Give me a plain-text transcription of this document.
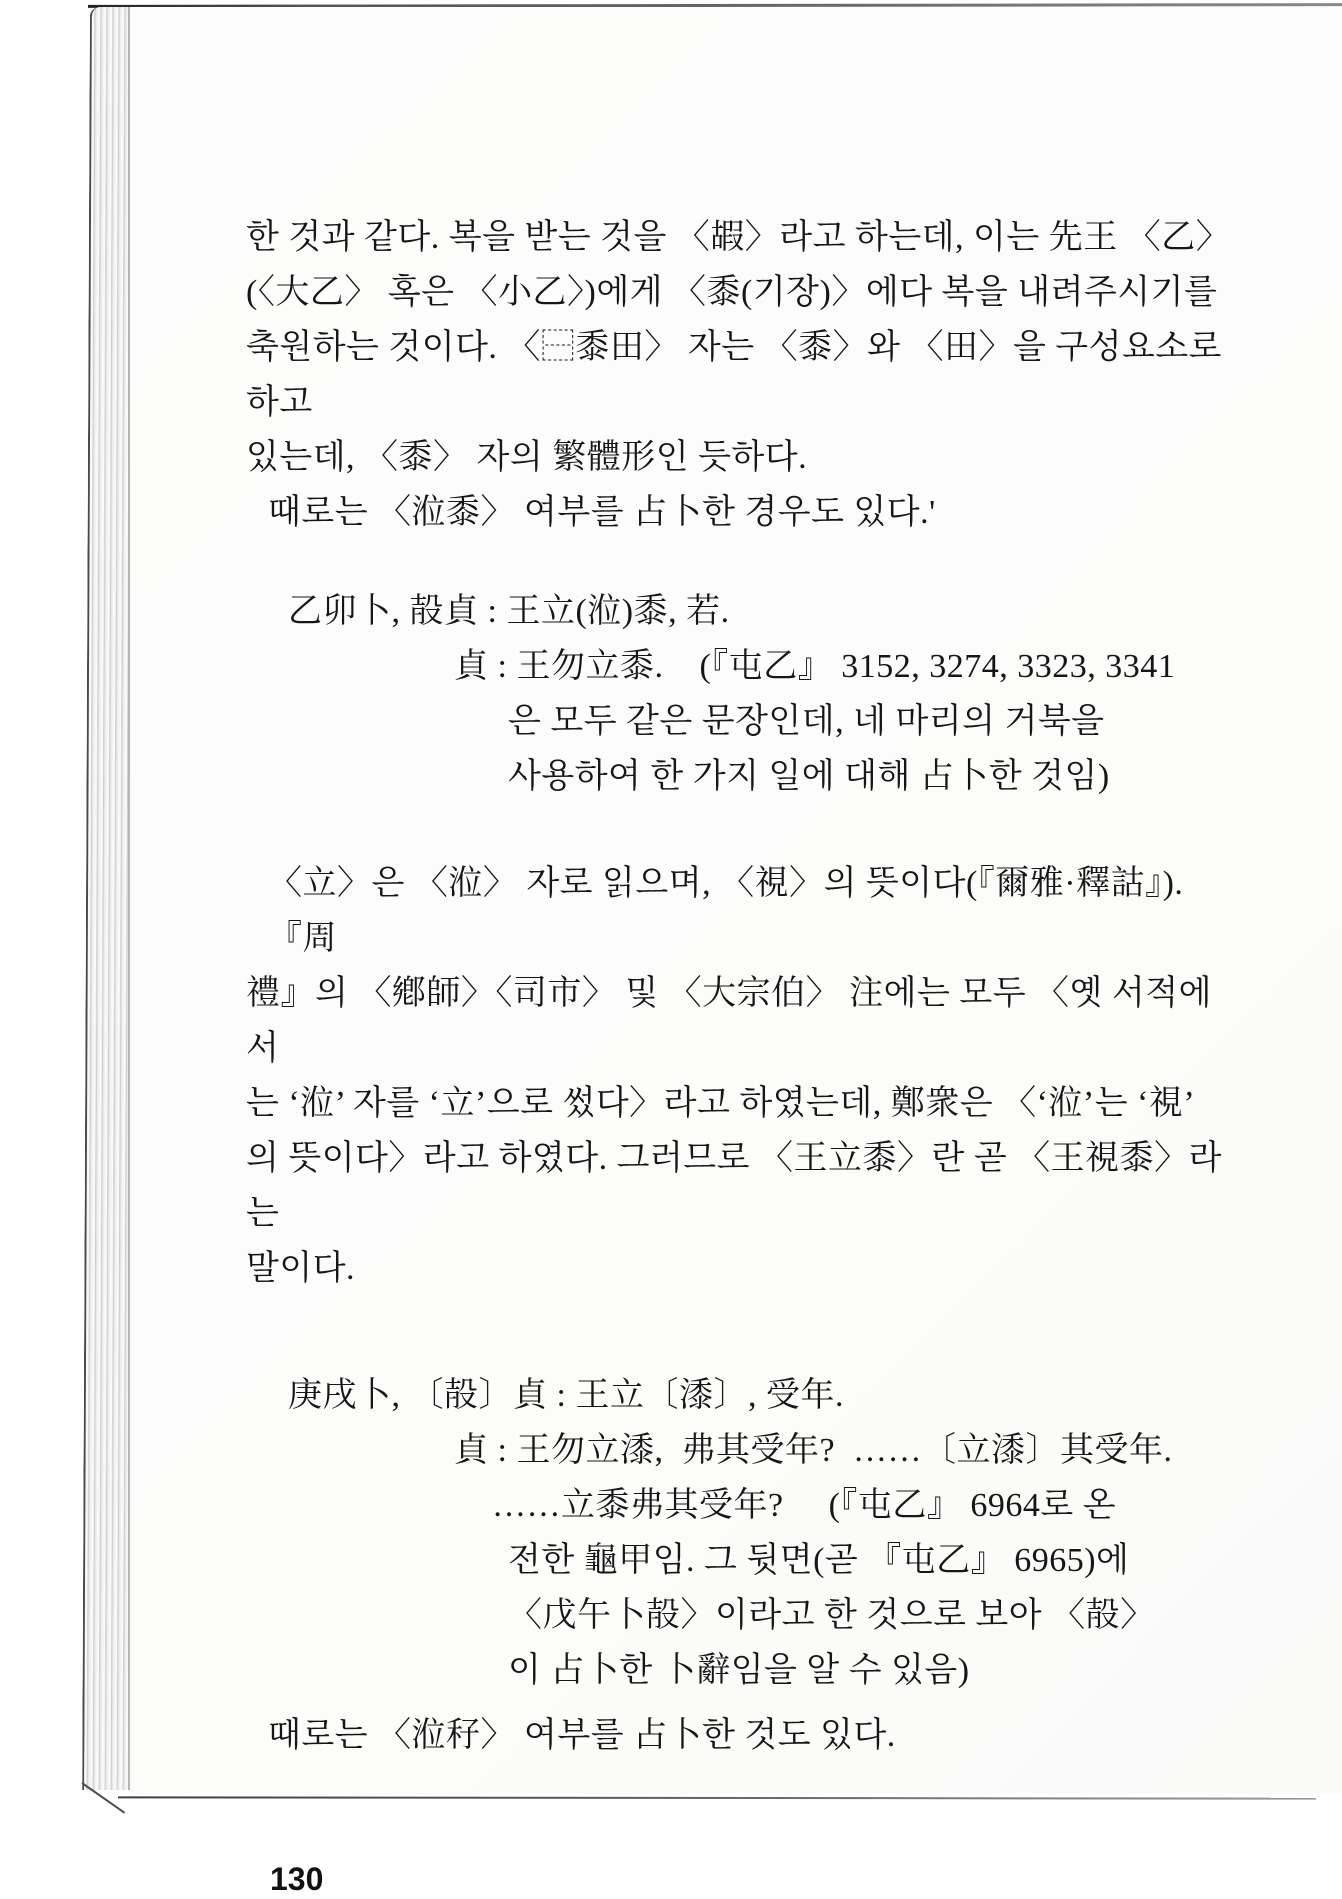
한 것과 같다. 복을 받는 것을 〈嘏〉라고 하는데, 이는 先王 〈乙〉
(〈大乙〉 혹은 〈小乙〉)에게 〈黍(기장)〉에다 복을 내려주시기를
축원하는 것이다. 〈⿱黍田〉 자는 〈黍〉와 〈田〉을 구성요소로 하고
있는데, 〈黍〉 자의 繁體形인 듯하다.
때로는 〈涖黍〉 여부를 占卜한 경우도 있다.'
乙卯卜, 㱿貞 : 王立(涖)黍, 若.
貞 : 王勿立黍.    (『屯乙』 3152, 3274, 3323, 3341
은 모두 같은 문장인데, 네 마리의 거북을
사용하여 한 가지 일에 대해 占卜한 것임)
〈立〉은 〈涖〉 자로 읽으며, 〈視〉의 뜻이다(『爾雅·釋詁』). 『周
禮』의 〈鄕師〉〈司市〉 및 〈大宗伯〉 注에는 모두 〈옛 서적에서
는 ‘涖’ 자를 ‘立’으로 썼다〉라고 하였는데, 鄭衆은 〈‘涖’는 ‘視’
의 뜻이다〉라고 하였다. 그러므로 〈王立黍〉란 곧 〈王視黍〉라는
말이다.
庚戌卜, 〔㱿〕貞 : 王立〔潻〕, 受年.
貞 : 王勿立潻,  弗其受年?  ……〔立潻〕其受年.
……立黍弗其受年?     (『屯乙』 6964로 온
전한 龜甲임. 그 뒷면(곧 『屯乙』 6965)에
〈戊午卜㱿〉이라고 한 것으로 보아 〈㱿〉
이 占卜한 卜辭임을 알 수 있음)
때로는 〈涖秄〉 여부를 占卜한 것도 있다.
130
